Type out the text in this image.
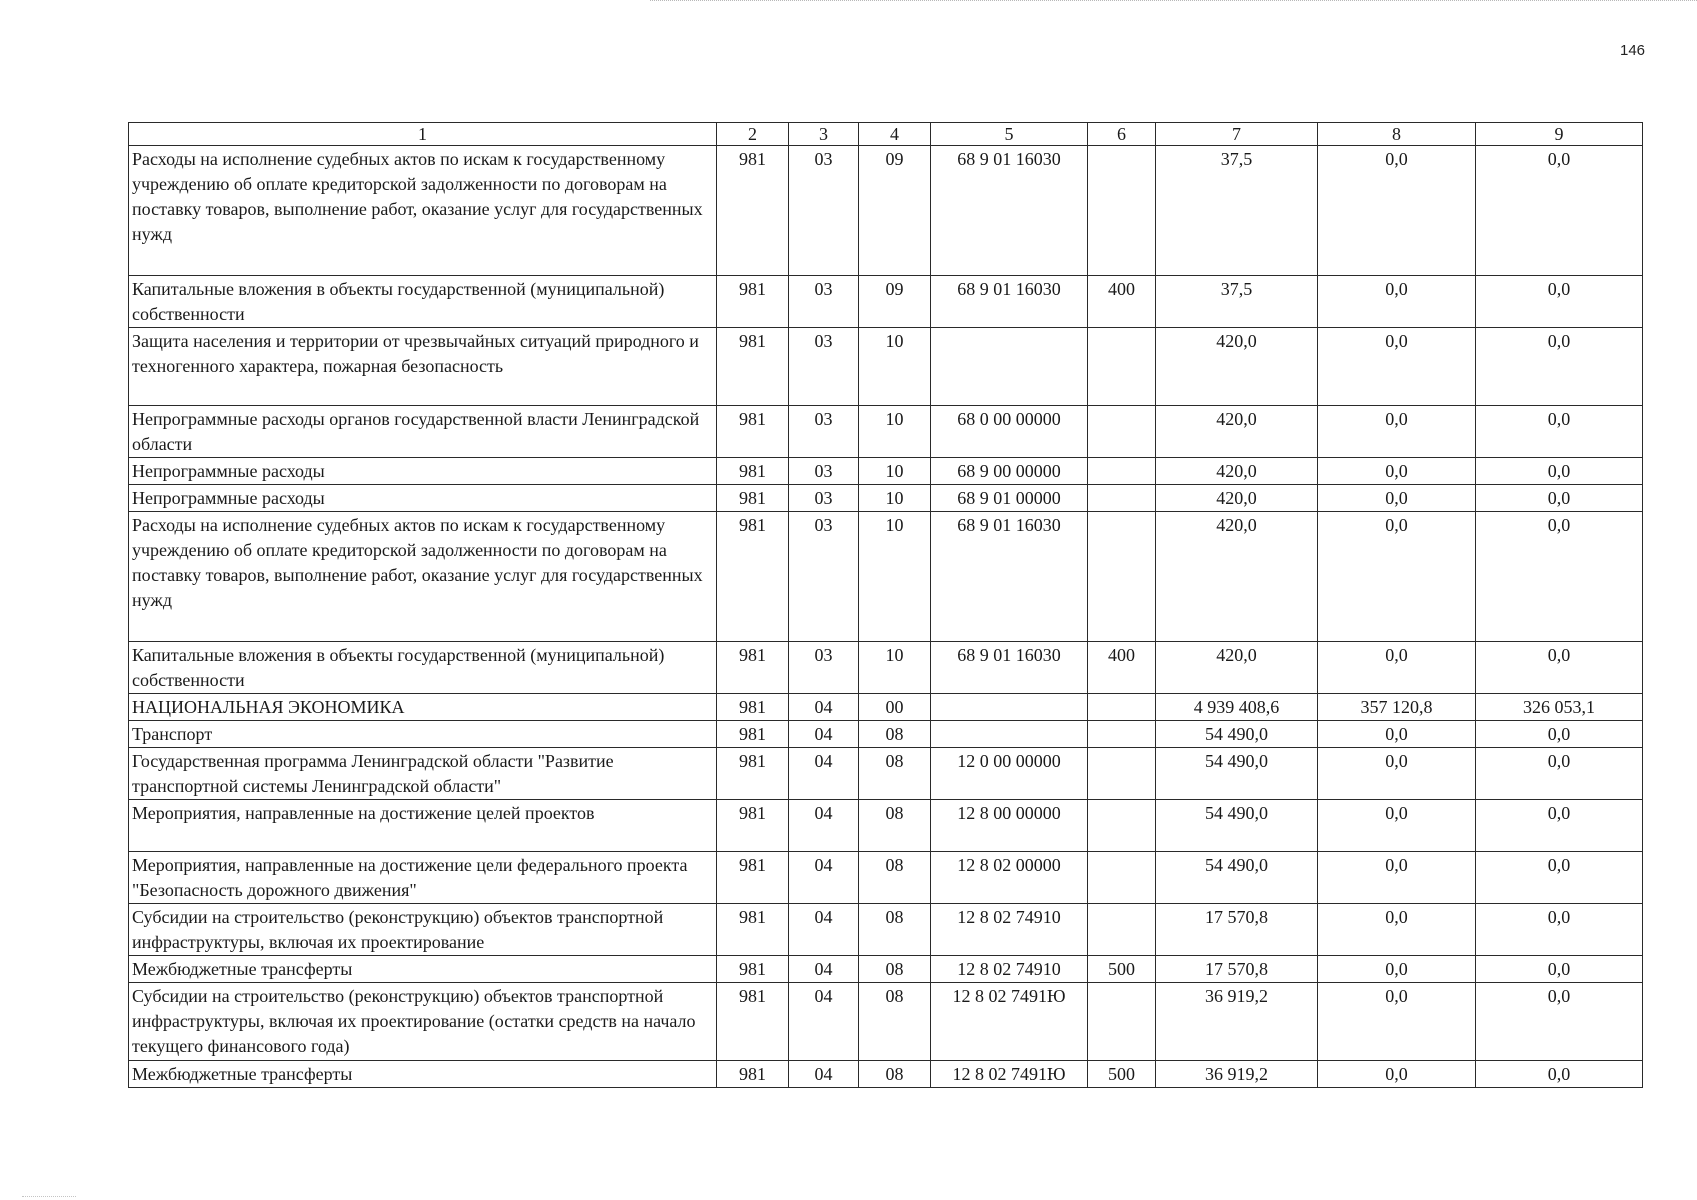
146
1	2	3	4	5	6	7	8	9
Расходы на исполнение судебных актов по искам к государственному учреждению об оплате кредиторской задолженности по договорам на поставку товаров, выполнение работ, оказание услуг для государственных нужд	981	03	09	68 9 01 16030		37,5	0,0	0,0
Капитальные вложения в объекты государственной (муниципальной) собственности	981	03	09	68 9 01 16030	400	37,5	0,0	0,0
Защита населения и территории от чрезвычайных ситуаций природного и техногенного характера, пожарная безопасность	981	03	10			420,0	0,0	0,0
Непрограммные расходы органов государственной власти Ленинградской области	981	03	10	68 0 00 00000		420,0	0,0	0,0
Непрограммные расходы	981	03	10	68 9 00 00000		420,0	0,0	0,0
Непрограммные расходы	981	03	10	68 9 01 00000		420,0	0,0	0,0
Расходы на исполнение судебных актов по искам к государственному учреждению об оплате кредиторской задолженности по договорам на поставку товаров, выполнение работ, оказание услуг для государственных нужд	981	03	10	68 9 01 16030		420,0	0,0	0,0
Капитальные вложения в объекты государственной (муниципальной) собственности	981	03	10	68 9 01 16030	400	420,0	0,0	0,0
НАЦИОНАЛЬНАЯ ЭКОНОМИКА	981	04	00			4 939 408,6	357 120,8	326 053,1
Транспорт	981	04	08			54 490,0	0,0	0,0
Государственная программа Ленинградской области "Развитие транспортной системы Ленинградской области"	981	04	08	12 0 00 00000		54 490,0	0,0	0,0
Мероприятия, направленные на достижение целей проектов	981	04	08	12 8 00 00000		54 490,0	0,0	0,0
Мероприятия, направленные на достижение цели федерального проекта "Безопасность дорожного движения"	981	04	08	12 8 02 00000		54 490,0	0,0	0,0
Субсидии на строительство (реконструкцию) объектов транспортной инфраструктуры, включая их проектирование	981	04	08	12 8 02 74910		17 570,8	0,0	0,0
Межбюджетные трансферты	981	04	08	12 8 02 74910	500	17 570,8	0,0	0,0
Субсидии на строительство (реконструкцию) объектов транспортной инфраструктуры, включая их проектирование (остатки средств на начало текущего финансового года)	981	04	08	12 8 02 7491Ю		36 919,2	0,0	0,0
Межбюджетные трансферты	981	04	08	12 8 02 7491Ю	500	36 919,2	0,0	0,0
